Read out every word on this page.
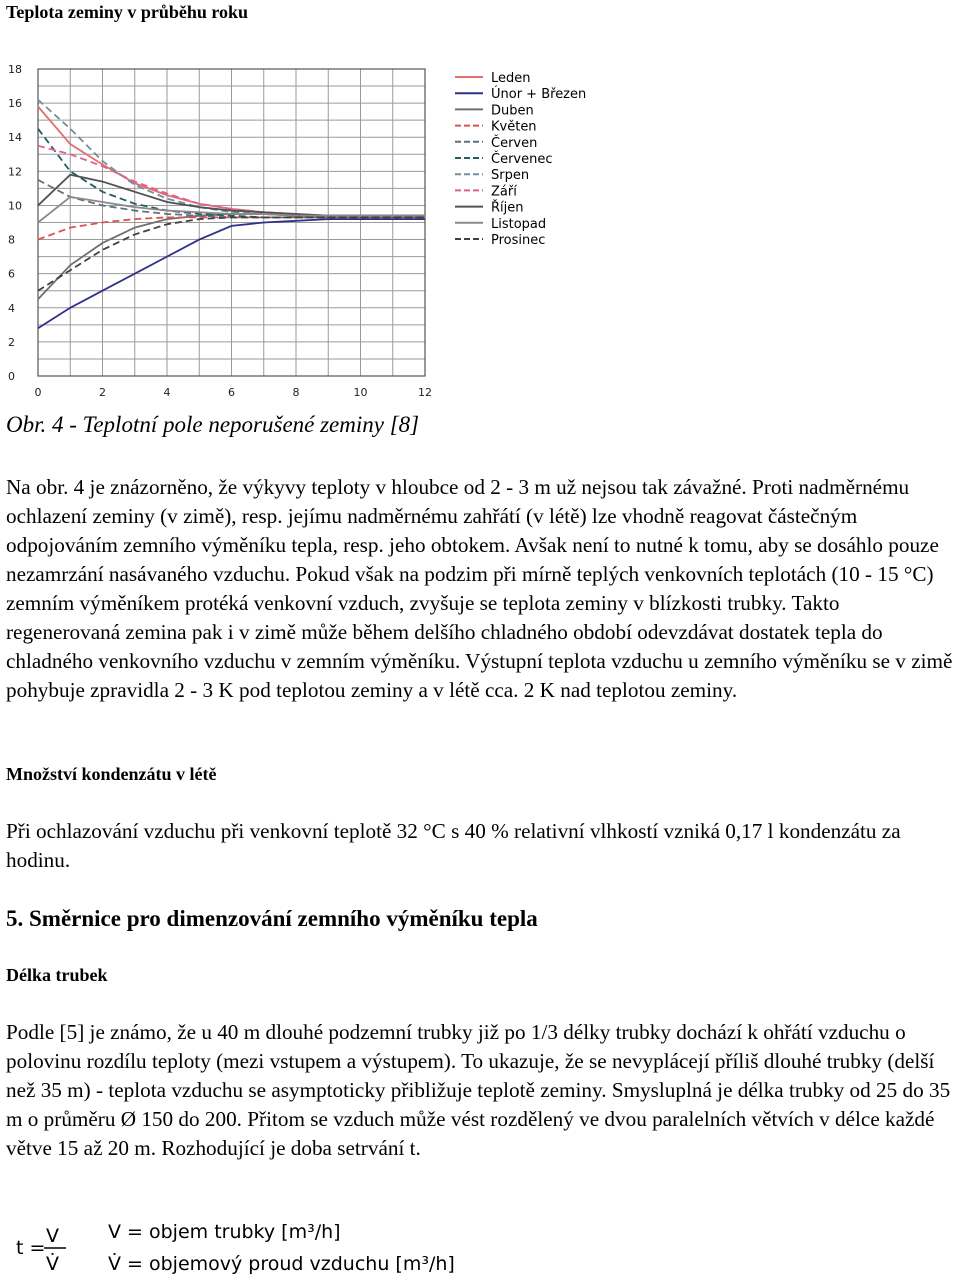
Teplota zeminy v průběhu roku
0
2
4
6
8
10
12
14
16
18
0	2	4	6	8	10	12
Leden
Únor + Březen
Duben
Květen
Červen
Červenec
Srpen
Září
Říjen
Listopad
Prosinec

Obr. 4 - Teplotní pole neporušené zeminy [8]

Na obr. 4 je znázorněno, že výkyvy teploty v hloubce od 2 - 3 m už nejsou tak závažné. Proti nadměrnému ochlazení zeminy (v zimě), resp. jejímu nadměrnému zahřátí (v létě) lze vhodně reagovat částečným odpojováním zemního výměníku tepla, resp. jeho obtokem. Avšak není to nutné k tomu, aby se dosáhlo pouze nezamrzání nasávaného vzduchu. Pokud však na podzim při mírně teplých venkovních teplotách (10 - 15 °C) zemním výměníkem protéká venkovní vzduch, zvyšuje se teplota zeminy v blízkosti trubky. Takto regenerovaná zemina pak i v zimě může během delšího chladného období odevzdávat dostatek tepla do chladného venkovního vzduchu v zemním výměníku. Výstupní teplota vzduchu u zemního výměníku se v zimě pohybuje zpravidla 2 - 3 K pod teplotou zeminy a v létě cca. 2 K nad teplotou zeminy.

Množství kondenzátu v létě

Při ochlazování vzduchu při venkovní teplotě 32 °C s 40 % relativní vlhkostí vzniká 0,17 l kondenzátu za hodinu.

5. Směrnice pro dimenzování zemního výměníku tepla
Délka trubek

Podle [5] je známo, že u 40 m dlouhé podzemní trubky již po 1/3 délky trubky dochází k ohřátí vzduchu o polovinu rozdílu teploty (mezi vstupem a výstupem). To ukazuje, že se nevyplácejí příliš dlouhé trubky (delší než 35 m) - teplota vzduchu se asymptoticky přibližuje teplotě zeminy. Smysluplná je délka trubky od 25 do 35 m o průměru Ø 150 do 200. Přitom se vzduch může vést rozdělený ve dvou paralelních větvích v délce každé větve 15 až 20 m. Rozhodující je doba setrvání t.

t =
V
V̇
V = objem trubky [m³/h]
V̇ = objemový proud vzduchu [m³/h]
